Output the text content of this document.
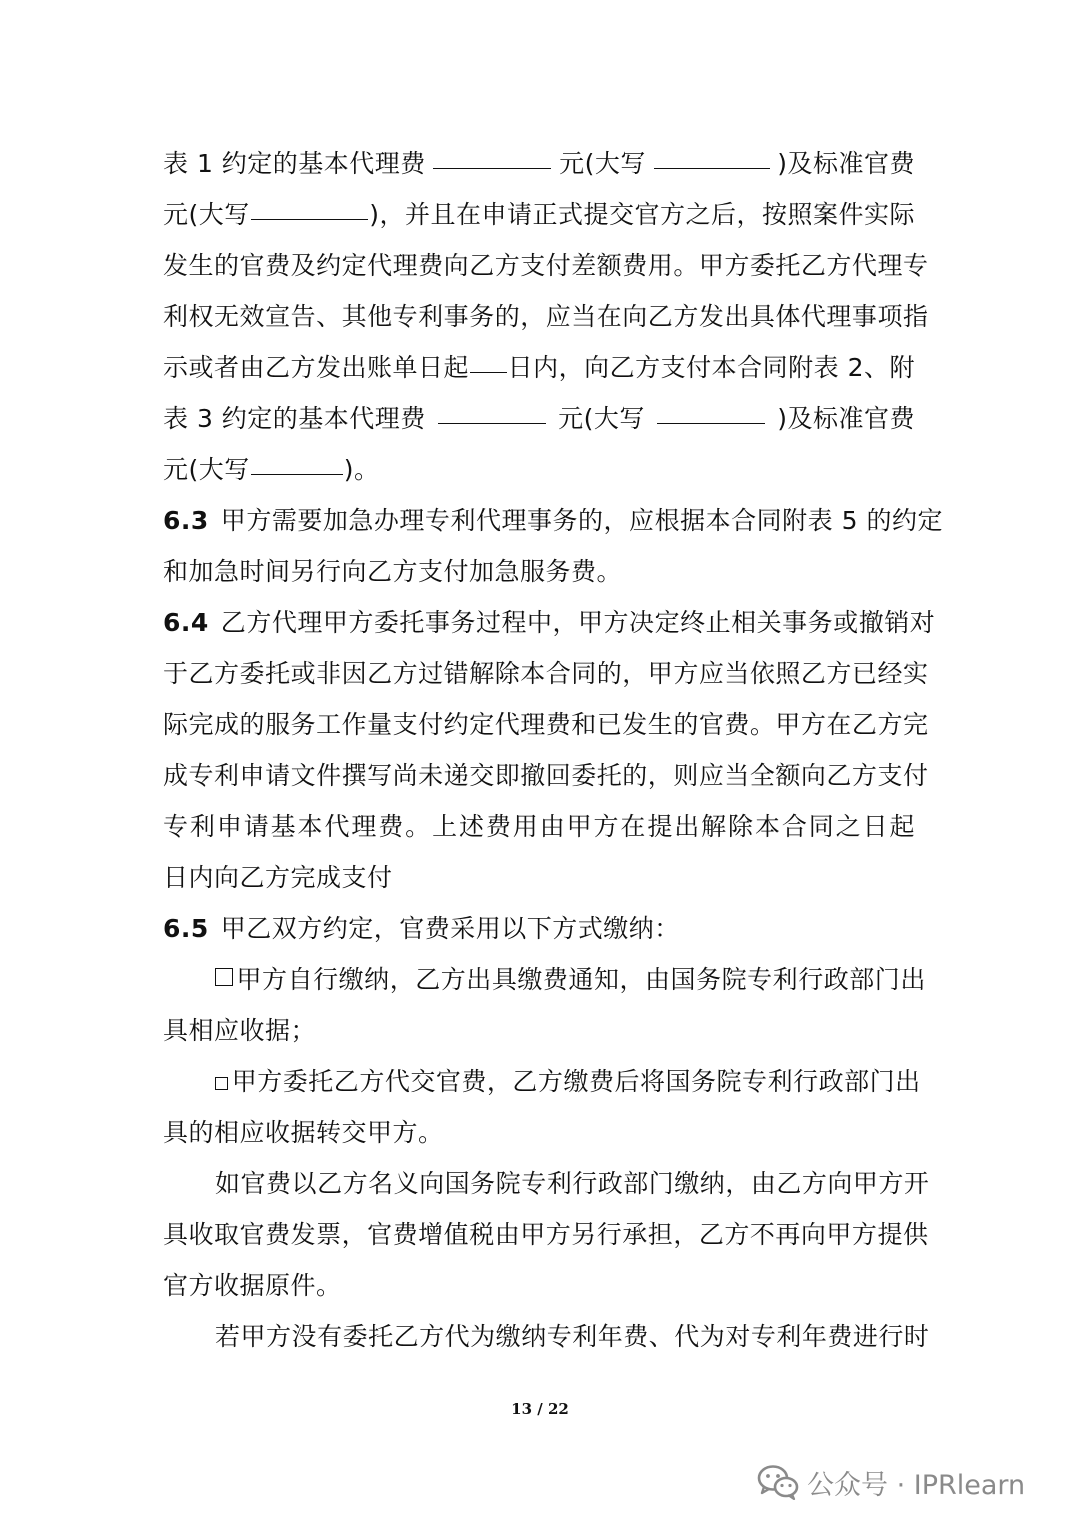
表 1 约定的基本代理费	元(大写	)及标准官费
元(大写	)，并且在申请正式提交官方之后，按照案件实际
发 生 的 官 费 及 约 定 代 理 费 向 乙 方 支 付 差 额 费 用 。 甲 方 委 托 乙 方 代 理 专
利 权 无 效 宣 告 、 其 他 专 利 事 务 的 ， 应 当 在 向 乙 方 发 出 具 体 代 理 事 项 指
示或者由乙方发出账单日起 日内，向乙方支付本合同附表 2、附
表 3 约定的基本代理费	元(大写	)及标准官费
元(大写	)。
6.3 甲 方 需 要 加 急 办 理 专 利 代 理 事 务 的 ， 应 根 据 本 合 同 附 表
5
的 约 定
和加急时间另行向乙方支付加急服务费。
6.4 乙 方 代 理 甲 方 委 托 事 务 过 程 中 ， 甲 方 决 定 终 止 相 关 事 务 或 撤 销 对
于 乙 方 委 托 或 非 因 乙 方 过 错 解 除 本 合 同 的 ， 甲 方 应 当 依 照 乙 方 已 经 实
际 完 成 的 服 务 工 作 量 支 付 约 定 代 理 费 和 已 发 生 的 官 费 。 甲 方 在 乙 方 完
成 专 利 申 请 文 件 撰 写 尚 未 递 交 即 撤 回 委 托 的 ， 则 应 当 全 额 向 乙 方 支 付
专 利 申 请 基 本 代 理 费 。 上 述 费 用 由 甲 方 在 提 出 解 除 本 合 同 之 日 起
日内向乙方完成支付
6.5 甲乙双方约定，官费采用以下方式缴纳：
甲 方 自 行 缴 纳 ， 乙 方 出 具 缴 费 通 知 ， 由 国 务 院 专 利 行 政 部 门 出
具相应收据；
甲 方 委 托 乙 方 代 交 官 费 ， 乙 方 缴 费 后 将 国 务 院 专 利 行 政 部 门 出
具的相应收据转交甲方。
如 官 费 以 乙 方 名 义 向 国 务 院 专 利 行 政 部 门 缴 纳 ， 由 乙 方 向 甲 方 开
具 收 取 官 费 发 票 ， 官 费 增 值 税 由 甲 方 另 行 承 担 ， 乙 方 不 再 向 甲 方 提 供
官方收据原件。
若 甲 方 没 有 委 托 乙 方 代 为 缴 纳 专 利 年 费 、 代 为 对 专 利 年 费 进 行 时
13 / 22
公众号 · IPRlearn
